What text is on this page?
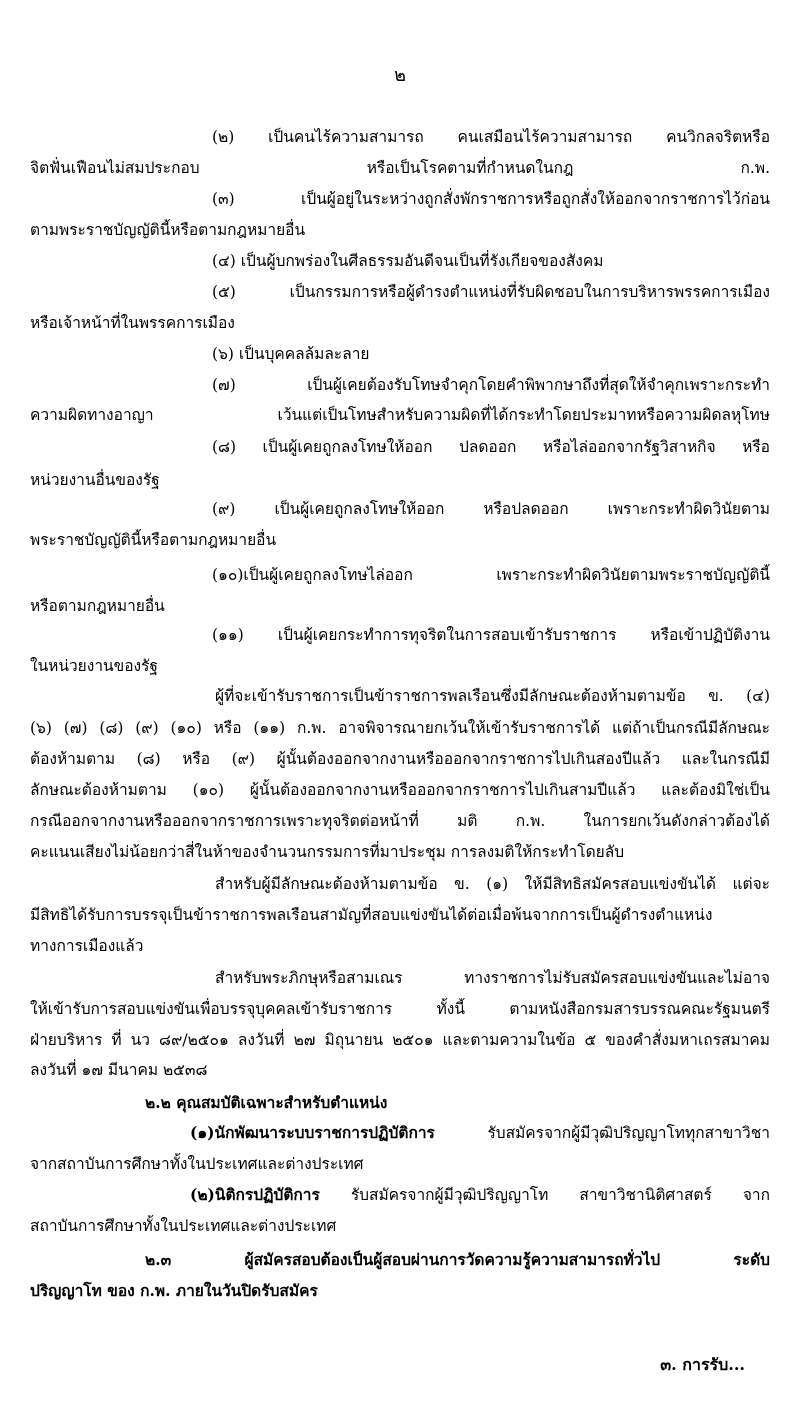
๒
(๒) เป็นคนไร้ความสามารถ คนเสมือนไร้ความสามารถ คนวิกลจริตหรือ
จิตฟั่นเฟือนไม่สมประกอบ หรือเป็นโรคตามที่กำหนดในกฎ ก.พ.
(๓) เป็นผู้อยู่ในระหว่างถูกสั่งพักราชการหรือถูกสั่งให้ออกจากราชการไว้ก่อน
ตามพระราชบัญญัตินี้หรือตามกฎหมายอื่น
(๔) เป็นผู้บกพร่องในศีลธรรมอันดีจนเป็นที่รังเกียจของสังคม
(๕) เป็นกรรมการหรือผู้ดำรงตำแหน่งที่รับผิดชอบในการบริหารพรรคการเมือง
หรือเจ้าหน้าที่ในพรรคการเมือง
(๖) เป็นบุคคลล้มละลาย
(๗) เป็นผู้เคยต้องรับโทษจำคุกโดยคำพิพากษาถึงที่สุดให้จำคุกเพราะกระทำ
ความผิดทางอาญา เว้นแต่เป็นโทษสำหรับความผิดที่ได้กระทำโดยประมาทหรือความผิดลหุโทษ
(๘) เป็นผู้เคยถูกลงโทษให้ออก ปลดออก หรือไล่ออกจากรัฐวิสาหกิจ หรือ
หน่วยงานอื่นของรัฐ
(๙) เป็นผู้เคยถูกลงโทษให้ออก หรือปลดออก เพราะกระทำผิดวินัยตาม
พระราชบัญญัตินี้หรือตามกฎหมายอื่น
(๑๐)เป็นผู้เคยถูกลงโทษไล่ออก เพราะกระทำผิดวินัยตามพระราชบัญญัตินี้
หรือตามกฎหมายอื่น
(๑๑) เป็นผู้เคยกระทำการทุจริตในการสอบเข้ารับราชการ หรือเข้าปฏิบัติงาน
ในหน่วยงานของรัฐ
ผู้ที่จะเข้ารับราชการเป็นข้าราชการพลเรือนซึ่งมีลักษณะต้องห้ามตามข้อ ข. (๔)
(๖) (๗) (๘) (๙) (๑๐) หรือ (๑๑) ก.พ. อาจพิจารณายกเว้นให้เข้ารับราชการได้ แต่ถ้าเป็นกรณีมีลักษณะ
ต้องห้ามตาม (๘) หรือ (๙) ผู้นั้นต้องออกจากงานหรือออกจากราชการไปเกินสองปีแล้ว และในกรณีมี
ลักษณะต้องห้ามตาม (๑๐) ผู้นั้นต้องออกจากงานหรือออกจากราชการไปเกินสามปีแล้ว และต้องมิใช่เป็น
กรณีออกจากงานหรือออกจากราชการเพราะทุจริตต่อหน้าที่ มติ ก.พ. ในการยกเว้นดังกล่าวต้องได้
คะแนนเสียงไม่น้อยกว่าสี่ในห้าของจำนวนกรรมการที่มาประชุม การลงมติให้กระทำโดยลับ
สำหรับผู้มีลักษณะต้องห้ามตามข้อ ข. (๑) ให้มีสิทธิสมัครสอบแข่งขันได้ แต่จะ
มีสิทธิได้รับการบรรจุเป็นข้าราชการพลเรือนสามัญที่สอบแข่งขันได้ต่อเมื่อพ้นจากการเป็นผู้ดำรงตำแหน่ง
ทางการเมืองแล้ว
สำหรับพระภิกษุหรือสามเณร ทางราชการไม่รับสมัครสอบแข่งขันและไม่อาจ
ให้เข้ารับการสอบแข่งขันเพื่อบรรจุบุคคลเข้ารับราชการ ทั้งนี้ ตามหนังสือกรมสารบรรณคณะรัฐมนตรี
ฝ่ายบริหาร ที่ นว ๘๙/๒๕๐๑ ลงวันที่ ๒๗ มิถุนายน ๒๕๐๑ และตามความในข้อ ๕ ของคำสั่งมหาเถรสมาคม
ลงวันที่ ๑๗ มีนาคม ๒๕๓๘
๒.๒ คุณสมบัติเฉพาะสำหรับตำแหน่ง
(๑)นักพัฒนาระบบราชการปฏิบัติการ รับสมัครจากผู้มีวุฒิปริญญาโททุกสาขาวิชา
จากสถาบันการศึกษาทั้งในประเทศและต่างประเทศ
(๒)นิติกรปฏิบัติการ รับสมัครจากผู้มีวุฒิปริญญาโท สาขาวิชานิติศาสตร์ จาก
สถาบันการศึกษาทั้งในประเทศและต่างประเทศ
๒.๓ ผู้สมัครสอบต้องเป็นผู้สอบผ่านการวัดความรู้ความสามารถทั่วไป ระดับ
ปริญญาโท ของ ก.พ. ภายในวันปิดรับสมัคร
๓. การรับ...
